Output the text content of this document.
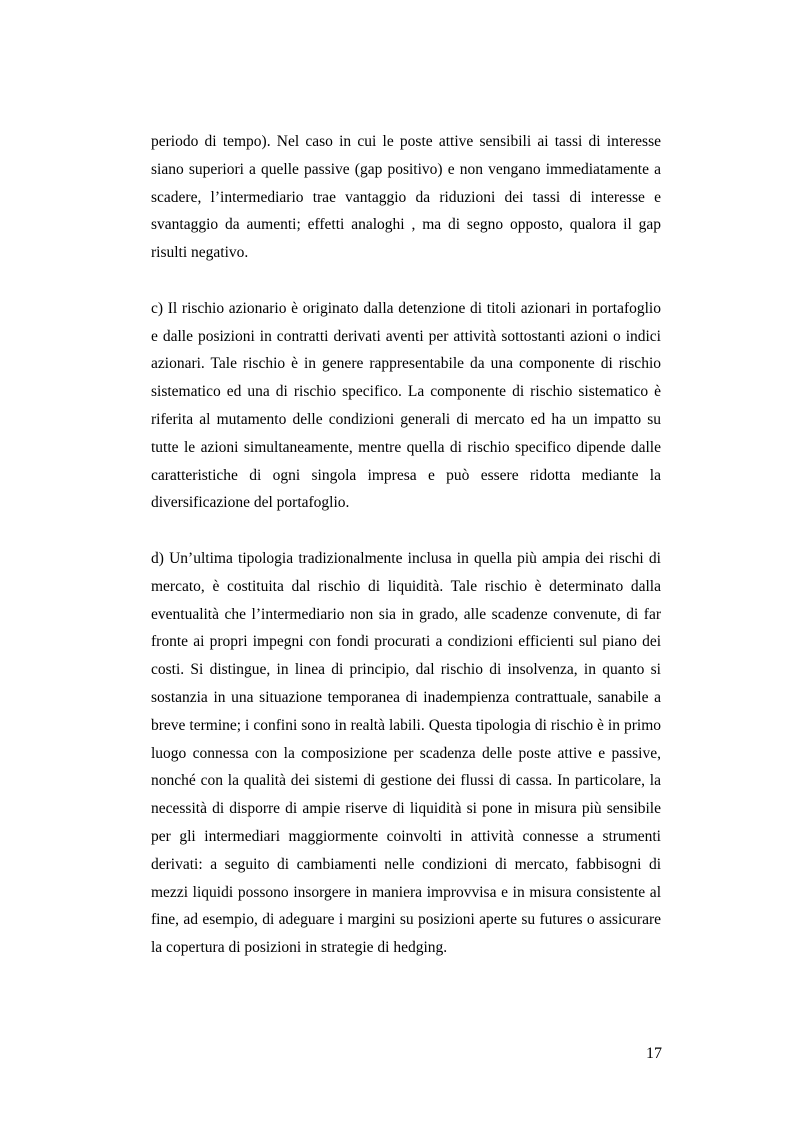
periodo di tempo). Nel caso in cui le poste attive sensibili ai tassi di interesse siano superiori a quelle passive (gap positivo) e non vengano immediatamente a scadere, l’intermediario trae vantaggio da riduzioni dei tassi di interesse e svantaggio da aumenti; effetti analoghi , ma di segno opposto, qualora il gap risulti negativo.

c) Il rischio azionario è originato dalla detenzione di titoli azionari in portafoglio e dalle posizioni in contratti derivati aventi per attività sottostanti azioni o indici azionari. Tale rischio è in genere rappresentabile da una componente di rischio sistematico ed una di rischio specifico. La componente di rischio sistematico è riferita al mutamento delle condizioni generali di mercato ed ha un impatto su tutte le azioni simultaneamente, mentre quella di rischio specifico dipende dalle caratteristiche di ogni singola impresa e può essere ridotta mediante la diversificazione del portafoglio.

d) Un’ultima tipologia tradizionalmente inclusa in quella più ampia dei rischi di mercato, è costituita dal rischio di liquidità. Tale rischio è determinato dalla eventualità che l’intermediario non sia in grado, alle scadenze convenute, di far fronte ai propri impegni con fondi procurati a condizioni efficienti sul piano dei costi. Si distingue, in linea di principio, dal rischio di insolvenza, in quanto si sostanzia in una situazione temporanea di inadempienza contrattuale, sanabile a breve termine; i confini sono in realtà labili. Questa tipologia di rischio è in primo luogo connessa con la composizione per scadenza delle poste attive e passive, nonché con la qualità dei sistemi di gestione dei flussi di cassa. In particolare, la necessità di disporre di ampie riserve di liquidità si pone in misura più sensibile per gli intermediari maggiormente coinvolti in attività connesse a strumenti derivati: a seguito di cambiamenti nelle condizioni di mercato, fabbisogni di mezzi liquidi possono insorgere in maniera improvvisa e in misura consistente al fine, ad esempio, di adeguare i margini su posizioni aperte su futures o assicurare la copertura di posizioni in strategie di hedging.

17
